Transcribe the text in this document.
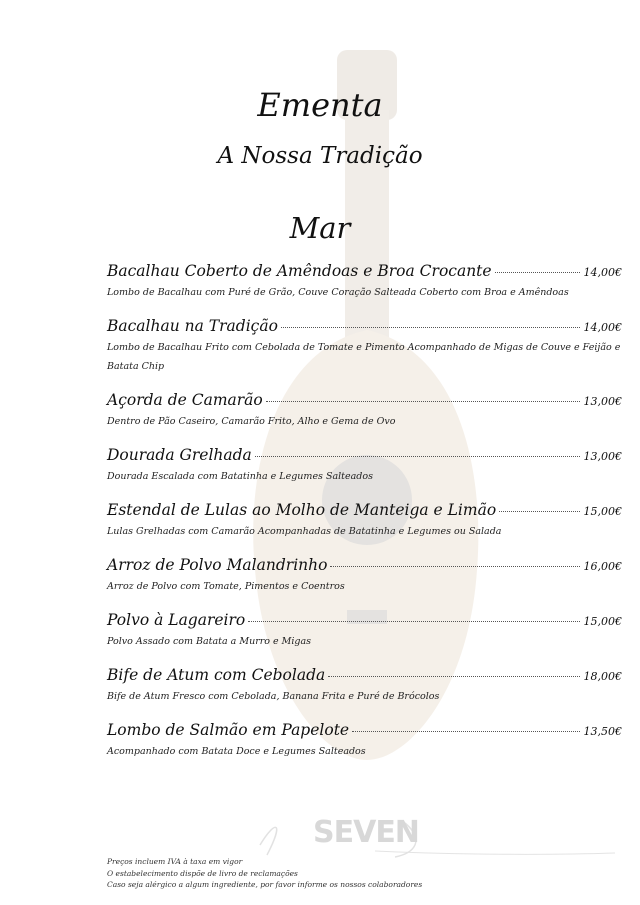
Ementa
A Nossa Tradição
Mar
Bacalhau Coberto de Amêndoas e Broa Crocante	14,00€
Lombo de Bacalhau com Puré de Grão, Couve Coração Salteada Coberto com Broa e Amêndoas
Bacalhau na Tradição	14,00€
Lombo de Bacalhau Frito com Cebolada de Tomate e Pimento Acompanhado de Migas de Couve e Feijão e Batata Chip
Açorda de Camarão	13,00€
Dentro de Pão Caseiro, Camarão Frito, Alho e Gema de Ovo
Dourada Grelhada	13,00€
Dourada Escalada com Batatinha e Legumes Salteados
Estendal de Lulas ao Molho de Manteiga e Limão	15,00€
Lulas Grelhadas com Camarão Acompanhadas de Batatinha e Legumes ou Salada
Arroz de Polvo Malandrinho	16,00€
Arroz de Polvo com Tomate, Pimentos e Coentros
Polvo à Lagareiro	15,00€
Polvo Assado com Batata a Murro e Migas
Bife de Atum com Cebolada	18,00€
Bife de Atum Fresco com Cebolada, Banana Frita e Puré de Brócolos
Lombo de Salmão em Papelote	13,50€
Acompanhado com Batata Doce e Legumes Salteados
SEVEN
Preços incluem IVA à taxa em vigor
O estabelecimento dispõe de livro de reclamações
Caso seja alérgico a algum ingrediente, por favor informe os nossos colaboradores
